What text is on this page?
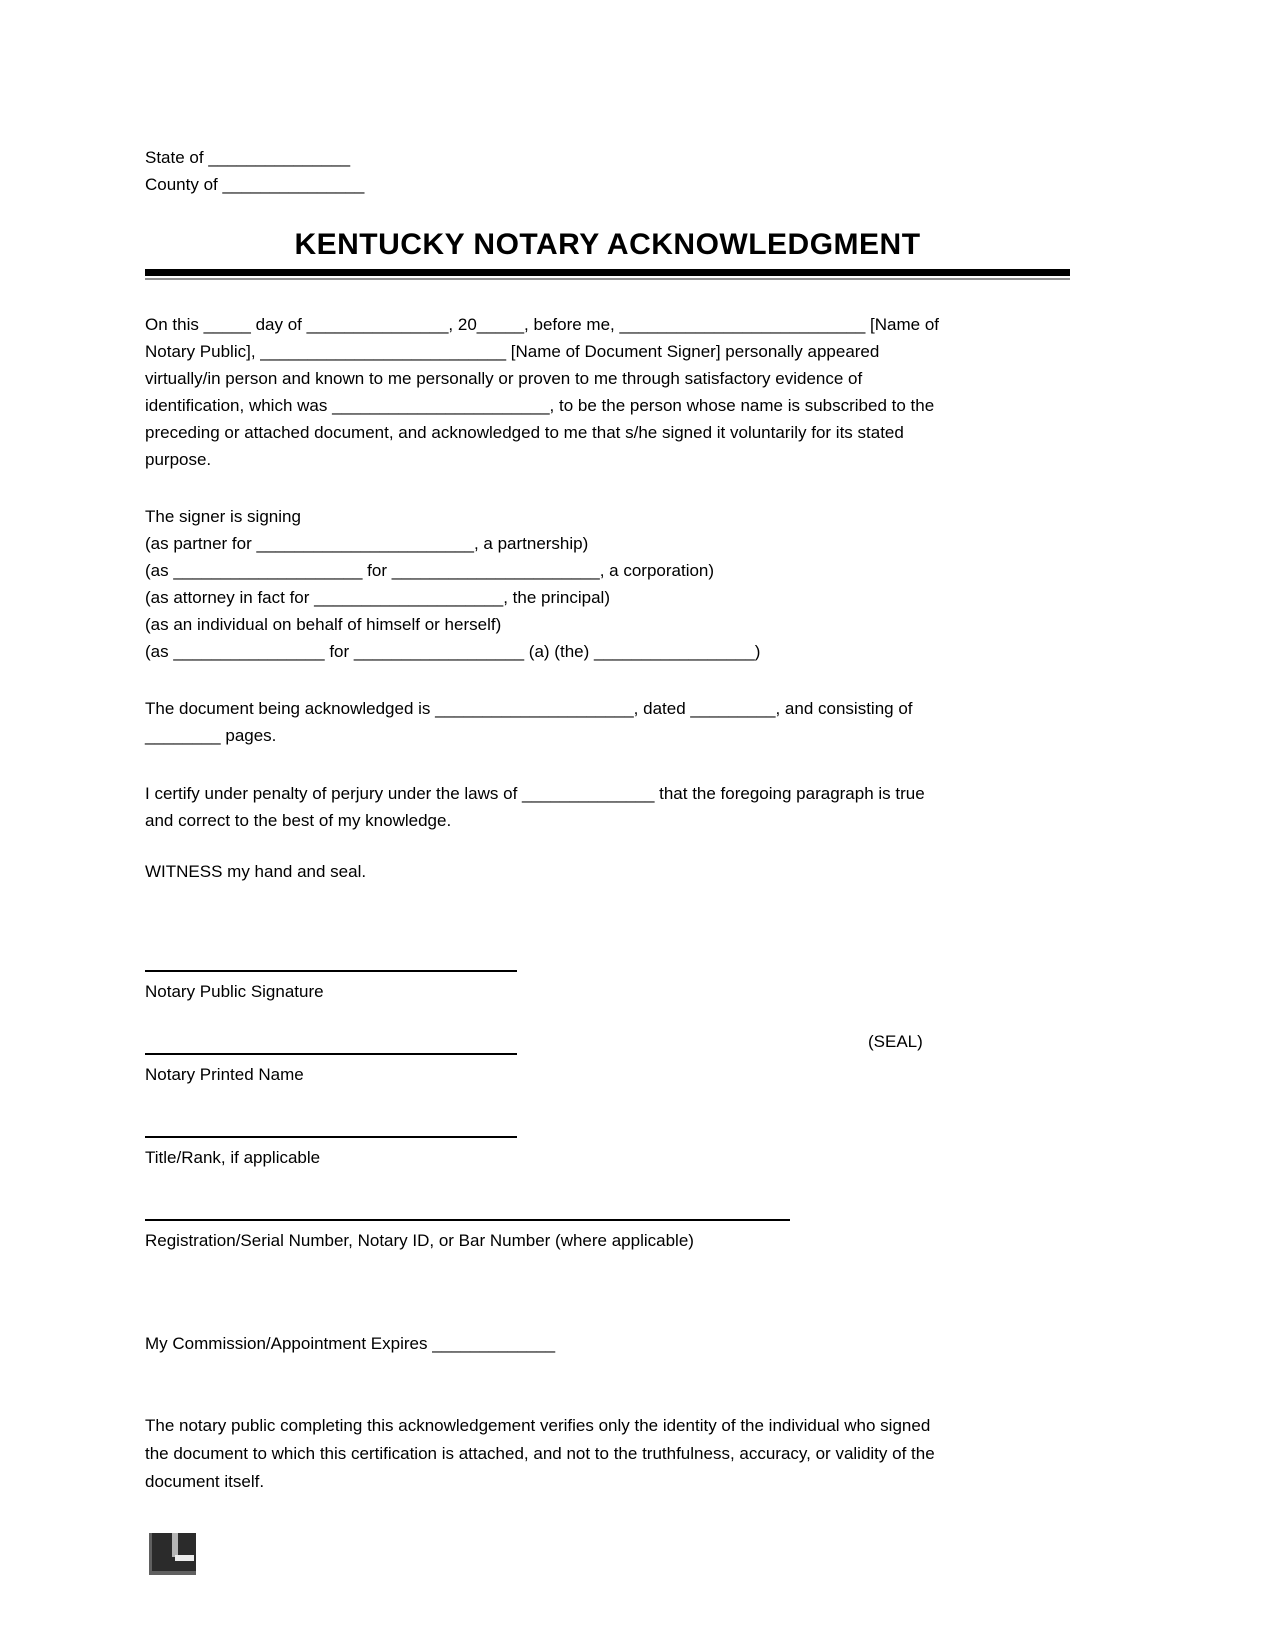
State of _______________
County of _______________
KENTUCKY NOTARY ACKNOWLEDGMENT
On this _____ day of _______________, 20_____, before me, __________________________ [Name of
Notary Public], __________________________ [Name of Document Signer] personally appeared
virtually/in person and known to me personally or proven to me through satisfactory evidence of
identification, which was _______________________, to be the person whose name is subscribed to the
preceding or attached document, and acknowledged to me that s/he signed it voluntarily for its stated
purpose.
The signer is signing
(as partner for _______________________, a partnership)
(as ____________________ for ______________________, a corporation)
(as attorney in fact for ____________________, the principal)
(as an individual on behalf of himself or herself)
(as ________________ for __________________ (a) (the) _________________)
The document being acknowledged is _____________________, dated _________, and consisting of
________ pages.
I certify under penalty of perjury under the laws of ______________ that the foregoing paragraph is true
and correct to the best of my knowledge.
WITNESS my hand and seal.
Notary Public Signature
(SEAL)
Notary Printed Name
Title/Rank, if applicable
Registration/Serial Number, Notary ID, or Bar Number (where applicable)
My Commission/Appointment Expires _____________
The notary public completing this acknowledgement verifies only the identity of the individual who signed
the document to which this certification is attached, and not to the truthfulness, accuracy, or validity of the
document itself.
